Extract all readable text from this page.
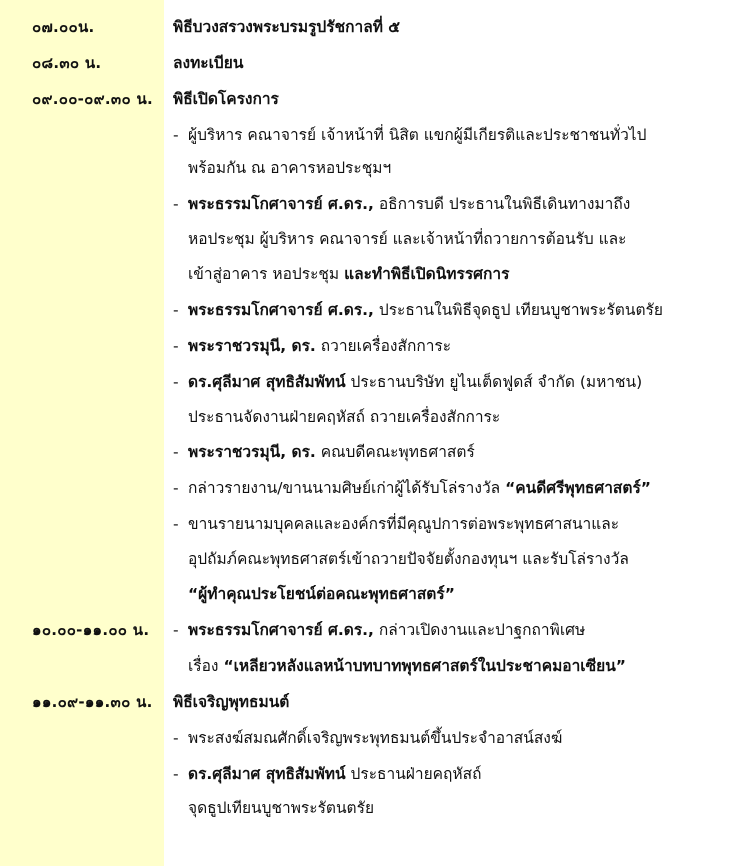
๐๗.๐๐น.	พิธีบวงสรวงพระบรมรูปรัชกาลที่ ๕
๐๘.๓๐ น.	ลงทะเบียน
๐๙.๐๐-๐๙.๓๐ น. พิธีเปิดโครงการ
- ผู้บริหาร คณาจารย์ เจ้าหน้าที่ นิสิต แขกผู้มีเกียรติและประชาชนทั่วไป
พร้อมกัน ณ อาคารหอประชุมฯ
- พระธรรมโกศาจารย์ ศ.ดร., อธิการบดี ประธานในพิธีเดินทางมาถึง
หอประชุม ผู้บริหาร คณาจารย์ และเจ้าหน้าที่ถวายการต้อนรับ และ
เข้าสู่อาคาร หอประชุม และทำพิธีเปิดนิทรรศการ
- พระธรรมโกศาจารย์ ศ.ดร., ประธานในพิธีจุดธูป เทียนบูชาพระรัตนตรัย
- พระราชวรมุนี, ดร. ถวายเครื่องสักการะ
- ดร.ศุลีมาศ สุทธิสัมพัทน์ ประธานบริษัท ยูไนเต็ดฟูดส์ จำกัด (มหาชน)
ประธานจัดงานฝ่ายคฤหัสถ์ ถวายเครื่องสักการะ
- พระราชวรมุนี, ดร. คณบดีคณะพุทธศาสตร์
- กล่าวรายงาน/ขานนามศิษย์เก่าผู้ได้รับโล่รางวัล “คนดีศรีพุทธศาสตร์”
- ขานรายนามบุคคลและองค์กรที่มีคุณูปการต่อพระพุทธศาสนาและ
อุปถัมภ์คณะพุทธศาสตร์เข้าถวายปัจจัยตั้งกองทุนฯ และรับโล่รางวัล
“ผู้ทำคุณประโยชน์ต่อคณะพุทธศาสตร์”
๑๐.๐๐-๑๑.๐๐ น. - พระธรรมโกศาจารย์ ศ.ดร., กล่าวเปิดงานและปาฐกถาพิเศษ
เรื่อง “เหลียวหลังแลหน้าบทบาทพุทธศาสตร์ในประชาคมอาเซียน”
๑๑.๐๙-๑๑.๓๐ น. พิธีเจริญพุทธมนต์
- พระสงฆ์สมณศักดิ์เจริญพระพุทธมนต์ขึ้นประจำอาสน์สงฆ์
- ดร.ศุลีมาศ สุทธิสัมพัทน์ ประธานฝ่ายคฤหัสถ์
จุดธูปเทียนบูชาพระรัตนตรัย
